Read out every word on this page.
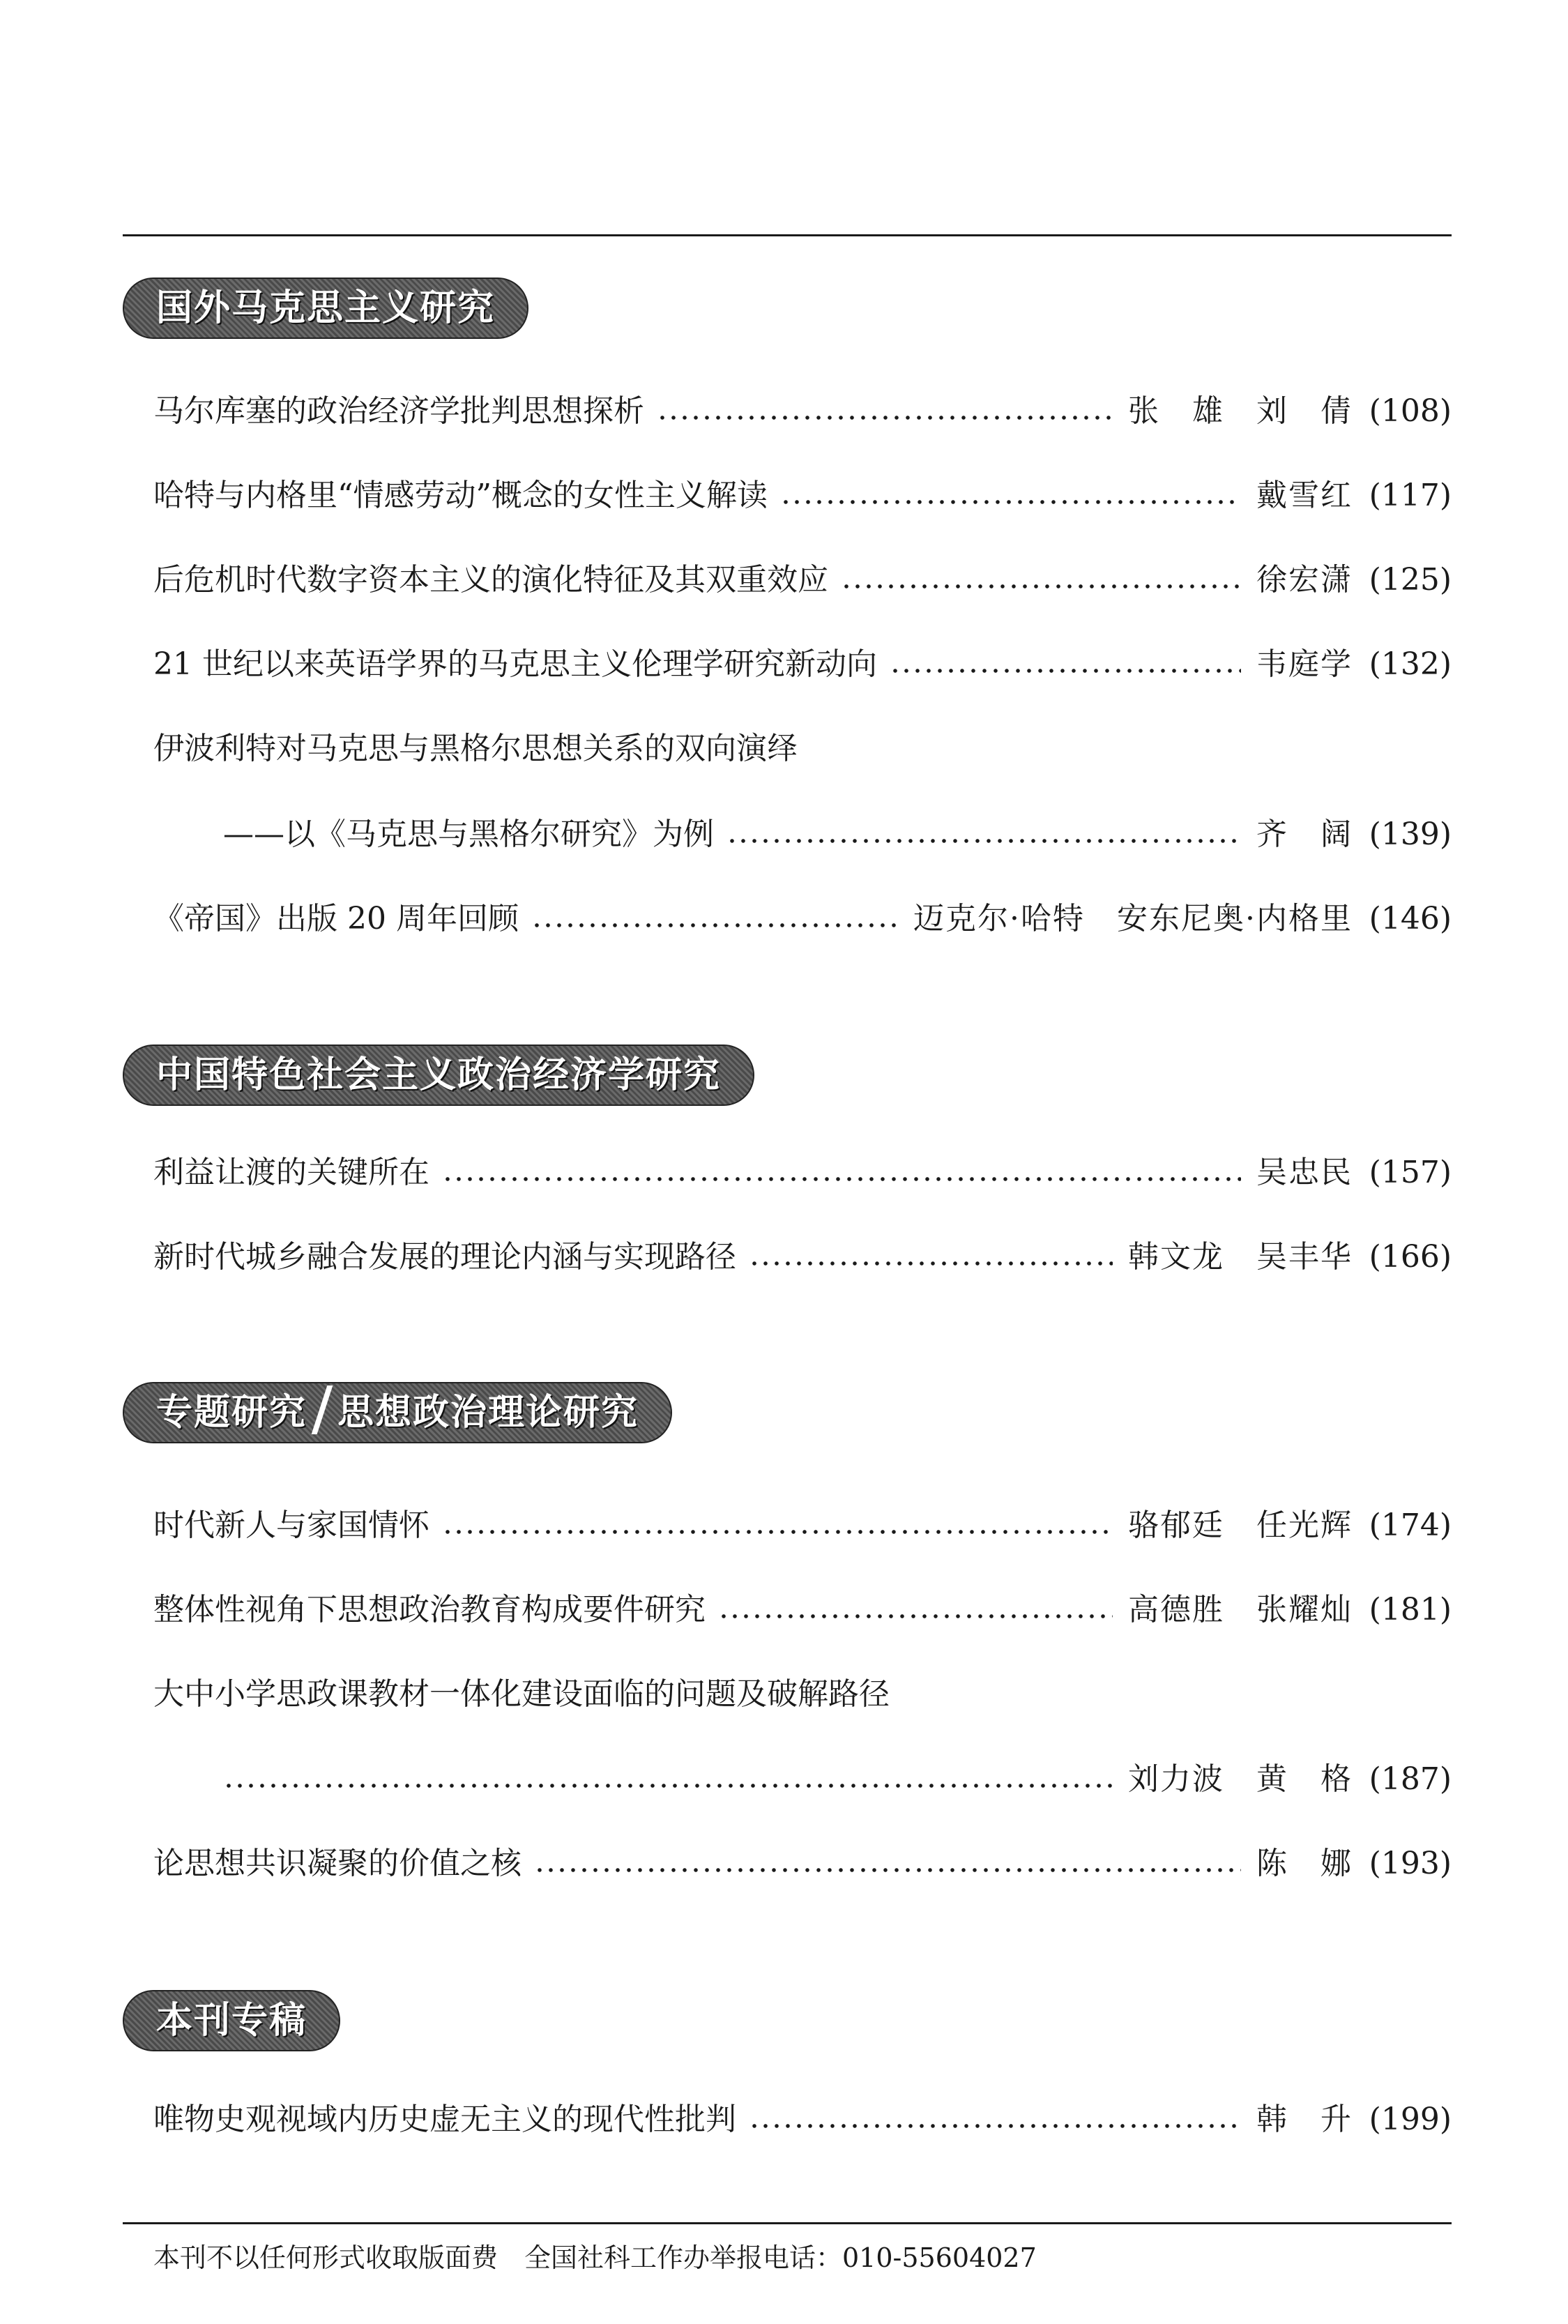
国外马克思主义研究
马尔库塞的政治经济学批判思想探析	张　雄　刘　倩 (108)
哈特与内格里“情感劳动”概念的女性主义解读	戴雪红 (117)
后危机时代数字资本主义的演化特征及其双重效应	徐宏潇 (125)
21 世纪以来英语学界的马克思主义伦理学研究新动向	韦庭学 (132)
伊波利特对马克思与黑格尔思想关系的双向演绎
——以《马克思与黑格尔研究》为例	齐　阔 (139)
《帝国》出版 20 周年回顾	迈克尔·哈特　安东尼奥·内格里 (146)
中国特色社会主义政治经济学研究
利益让渡的关键所在	吴忠民 (157)
新时代城乡融合发展的理论内涵与实现路径	韩文龙　吴丰华 (166)
专题研究 思想政治理论研究
时代新人与家国情怀	骆郁廷　任光辉 (174)
整体性视角下思想政治教育构成要件研究	高德胜　张耀灿 (181)
大中小学思政课教材一体化建设面临的问题及破解路径
刘力波　黄　格 (187)
论思想共识凝聚的价值之核	陈　娜 (193)
本刊专稿
唯物史观视域内历史虚无主义的现代性批判	韩　升 (199)
本刊不以任何形式收取版面费　全国社科工作办举报电话：010-55604027
